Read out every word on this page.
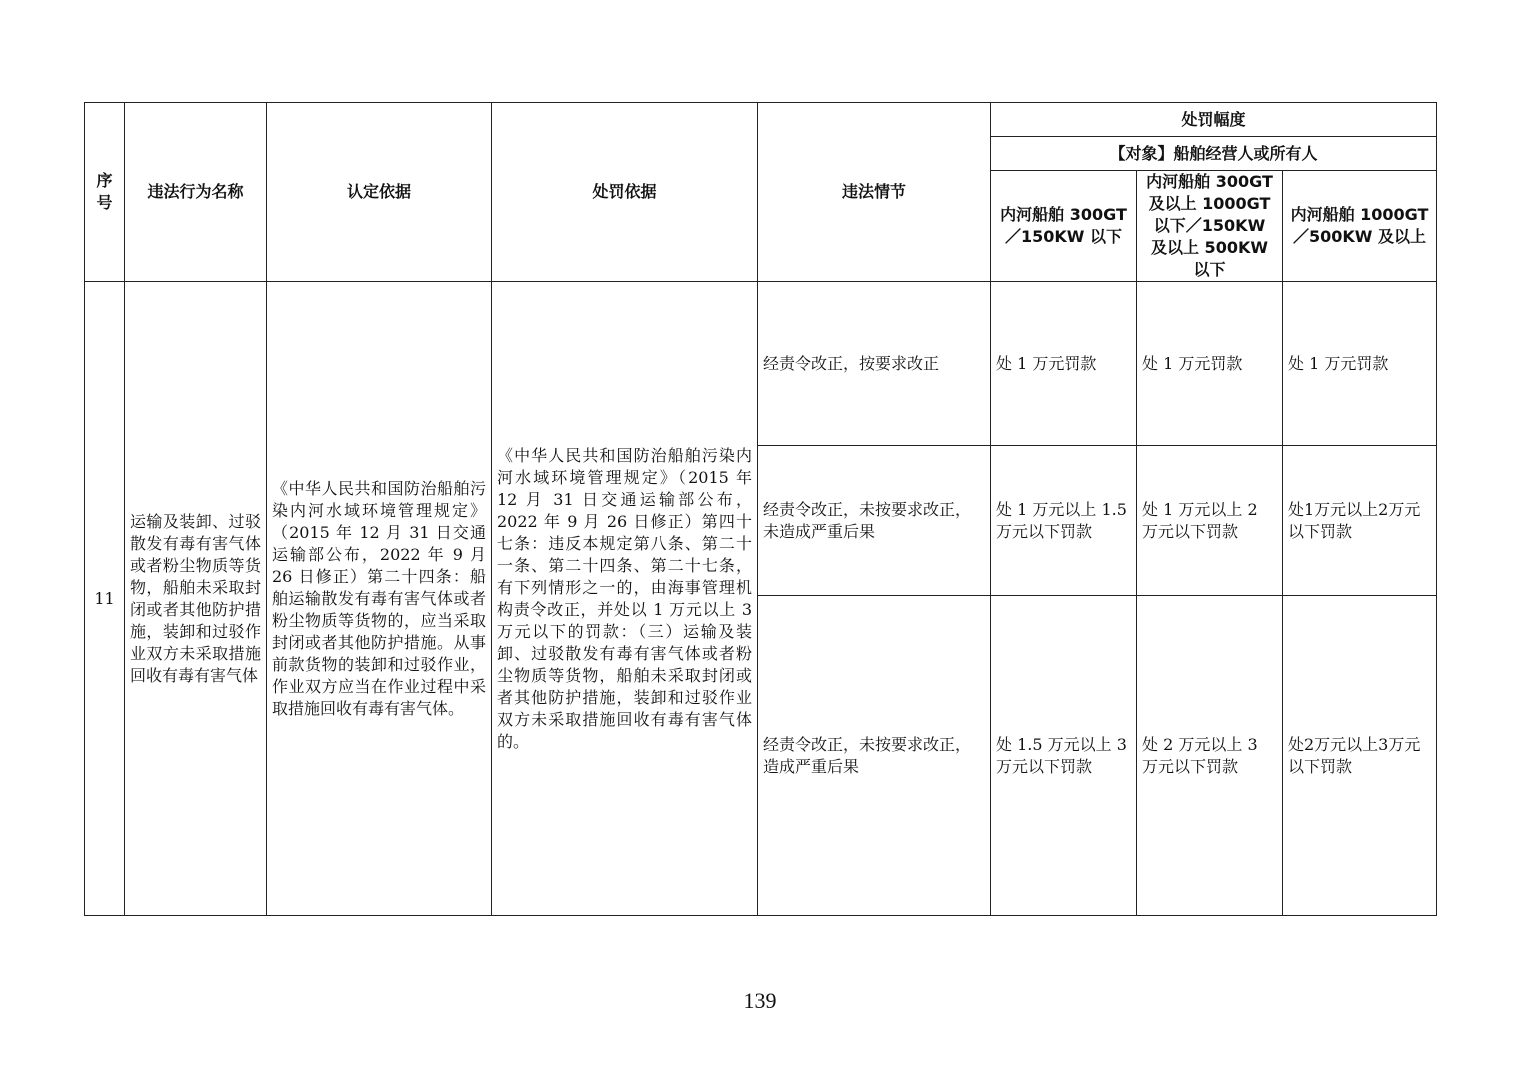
序号	违法行为名称	认定依据	处罚依据	违法情节	处罚幅度		
					【对象】船舶经营人或所有人		
					内河船舶 300GT／150KW 以下	内河船舶 300GT 及以上 1000GT 以下／150KW 及以上 500KW 以下	内河船舶 1000GT／500KW 及以上
11	运输及装卸、过驳散发有毒有害气体或者粉尘物质等货物，船舶未采取封闭或者其他防护措施，装卸和过驳作业双方未采取措施回收有毒有害气体	《中华人民共和国防治船舶污染内河水域环境管理规定》（2015 年 12 月 31 日交通运输部公布，2022 年 9 月 26 日修正）第二十四条：船舶运输散发有毒有害气体或者粉尘物质等货物的，应当采取封闭或者其他防护措施。从事前款货物的装卸和过驳作业，作业双方应当在作业过程中采取措施回收有毒有害气体。	《中华人民共和国防治船舶污染内河水域环境管理规定》（2015 年 12 月 31 日交通运输部公布，2022 年 9 月 26 日修正）第四十七条：违反本规定第八条、第二十一条、第二十四条、第二十七条，有下列情形之一的，由海事管理机构责令改正，并处以 1 万元以上 3 万元以下的罚款：（三）运输及装卸、过驳散发有毒有害气体或者粉尘物质等货物，船舶未采取封闭或者其他防护措施，装卸和过驳作业双方未采取措施回收有毒有害气体的。	经责令改正，按要求改正	处 1 万元罚款	处 1 万元罚款	处 1 万元罚款
				经责令改正，未按要求改正，未造成严重后果	处 1 万元以上 1.5 万元以下罚款	处 1 万元以上 2 万元以下罚款	处1万元以上2万元以下罚款
				经责令改正，未按要求改正，造成严重后果	处 1.5 万元以上 3 万元以下罚款	处 2 万元以上 3 万元以下罚款	处2万元以上3万元以下罚款
139
